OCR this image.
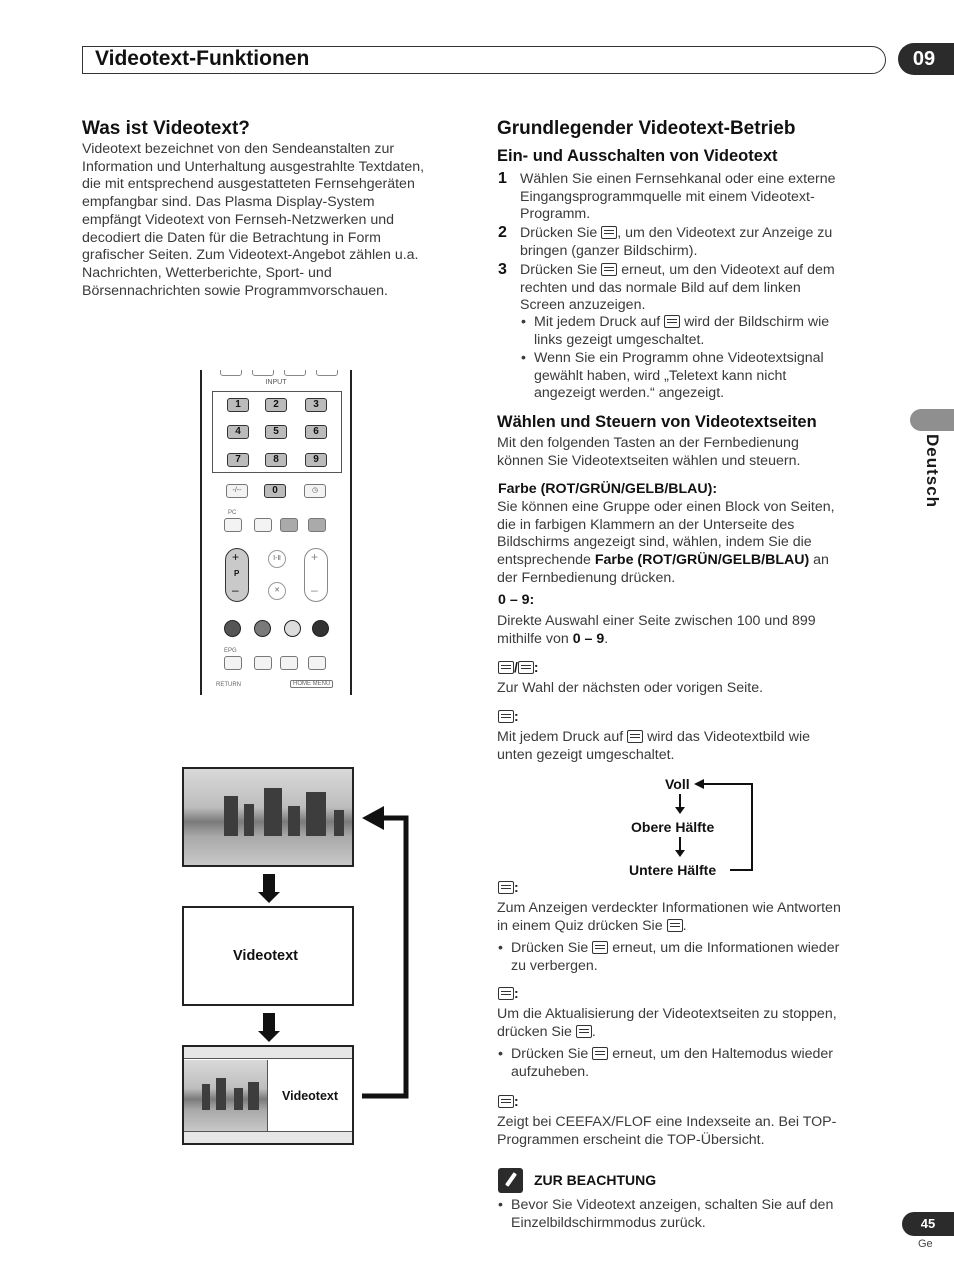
Videotext-Funktionen	09
Deutsch
Was ist Videotext?
Videotext bezeichnet von den Sendeanstalten zur
Information und Unterhaltung ausgestrahlte Textdaten,
die mit entsprechend ausgestatteten Fernsehgeräten
empfangbar sind. Das Plasma Display-System
empfängt Videotext von Fernseh-Netzwerken und
decodiert die Daten für die Betrachtung in Form
grafischer Seiten. Zum Videotext-Angebot zählen u.a.
Nachrichten, Wetterberichte, Sport- und
Börsennachrichten sowie Programmvorschauen.
INPUT
1	2	3
4	5	6
7	8	9
-/--	0	◷
PC
+
P
–
Ⅰ-Ⅱ
✕
+
–
EPG
RETURN	HOME MENU
Videotext
Videotext
Grundlegender Videotext-Betrieb
Ein- und Ausschalten von Videotext
1 Wählen Sie einen Fernsehkanal oder eine externe
Eingangsprogrammquelle mit einem Videotext-
Programm.
2 Drücken Sie , um den Videotext zur Anzeige zu
bringen (ganzer Bildschirm).
3 Drücken Sie erneut, um den Videotext auf dem
rechten und das normale Bild auf dem linken
Screen anzuzeigen.
• Mit jedem Druck auf wird der Bildschirm wie
links gezeigt umgeschaltet.
• Wenn Sie ein Programm ohne Videotextsignal
gewählt haben, wird „Teletext kann nicht
angezeigt werden.“ angezeigt.
Wählen und Steuern von Videotextseiten
Mit den folgenden Tasten an der Fernbedienung
können Sie Videotextseiten wählen und steuern.
Farbe (ROT/GRÜN/GELB/BLAU):
Sie können eine Gruppe oder einen Block von Seiten,
die in farbigen Klammern an der Unterseite des
Bildschirms angezeigt sind, wählen, indem Sie die
entsprechende Farbe (ROT/GRÜN/GELB/BLAU) an
der Fernbedienung drücken.
0 – 9:
Direkte Auswahl einer Seite zwischen 100 und 899
mithilfe von 0 – 9.
/ :
Zur Wahl der nächsten oder vorigen Seite.
:
Mit jedem Druck auf wird das Videotextbild wie
unten gezeigt umgeschaltet.
Voll
Obere Hälfte
Untere Hälfte
:
Zum Anzeigen verdeckter Informationen wie Antworten
in einem Quiz drücken Sie .
• Drücken Sie erneut, um die Informationen wieder
zu verbergen.
:
Um die Aktualisierung der Videotextseiten zu stoppen,
drücken Sie .
• Drücken Sie erneut, um den Haltemodus wieder
aufzuheben.
:
Zeigt bei CEEFAX/FLOF eine Indexseite an. Bei TOP-
Programmen erscheint die TOP-Übersicht.
ZUR BEACHTUNG
• Bevor Sie Videotext anzeigen, schalten Sie auf den
Einzelbildschirmmodus zurück.	45
Ge
